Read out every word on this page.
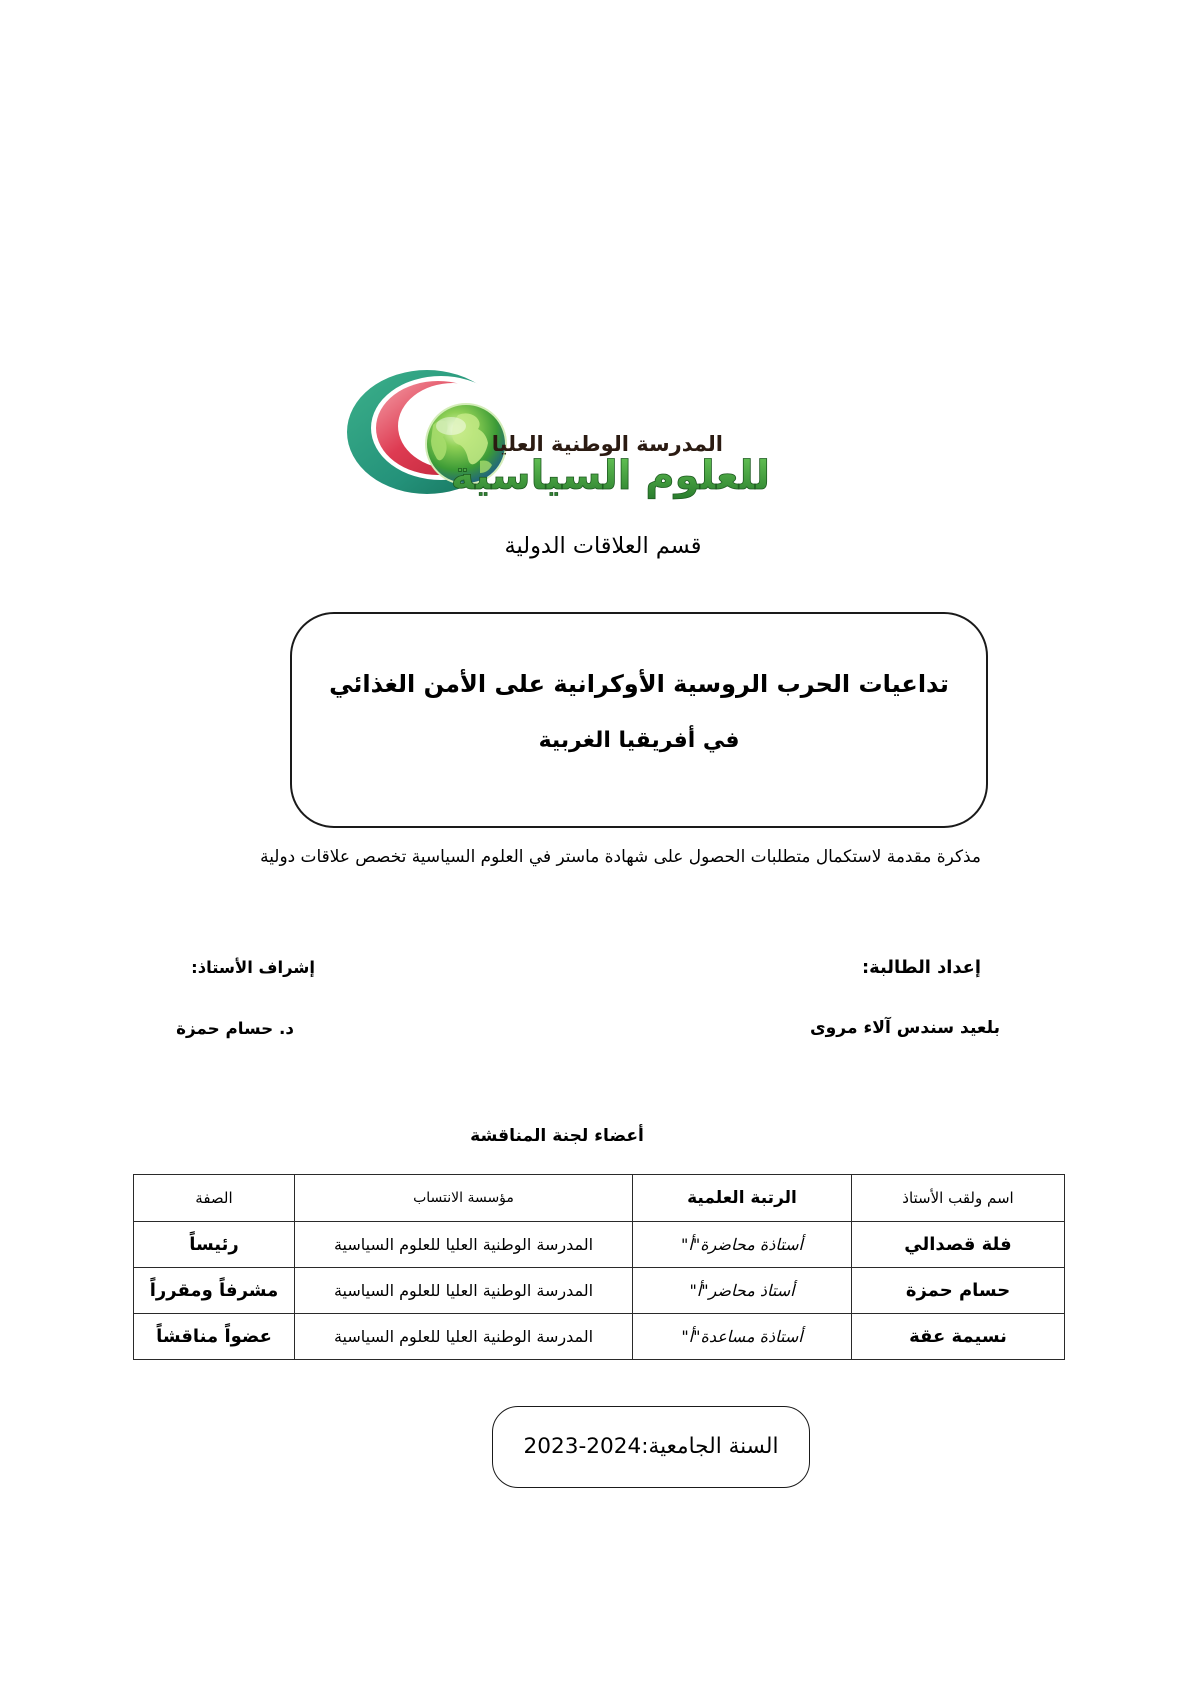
المدرسة الوطنية العليا
للعلوم السياسية
قسم العلاقات الدولية
تداعيات الحرب الروسية الأوكرانية على الأمن الغذائي
في أفريقيا الغربية
مذكرة مقدمة لاستكمال متطلبات الحصول على شهادة ماستر في العلوم السياسية تخصص علاقات دولية
إعداد الطالبة:
بلعيد سندس آلاء مروى
إشراف الأستاذ:
د. حسام حمزة
أعضاء لجنة المناقشة
اسم ولقب الأستاذ	الرتبة العلمية	مؤسسة الانتساب	الصفة
فلة قصدالي	أستاذة محاضرة"أ"	المدرسة الوطنية العليا للعلوم السياسية	رئيساً
حسام حمزة	أستاذ محاضر"أ"	المدرسة الوطنية العليا للعلوم السياسية	مشرفاً ومقرراً
نسيمة عقة	أستاذة مساعدة"أ"	المدرسة الوطنية العليا للعلوم السياسية	عضواً مناقشاً
السنة الجامعية:2024-2023
